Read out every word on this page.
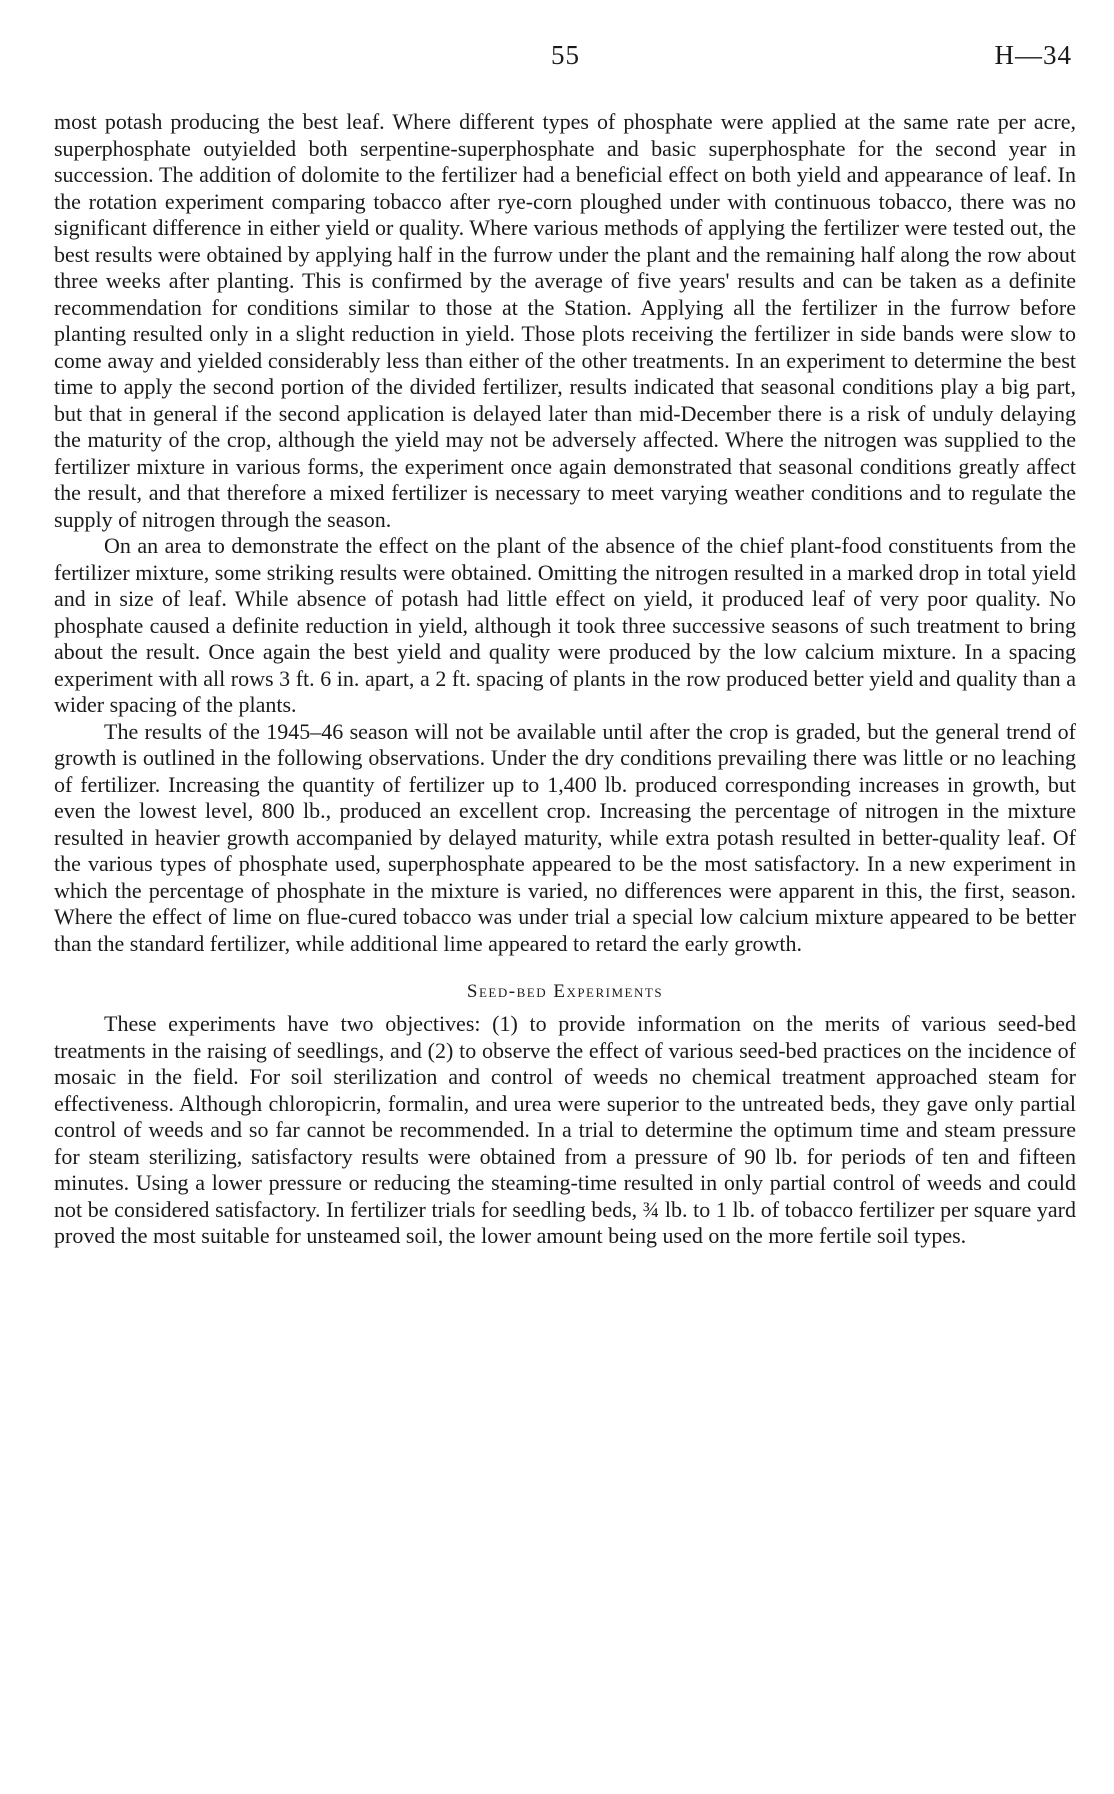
55	H—34

most potash producing the best leaf. Where different types of phosphate were applied at the same rate per acre, superphosphate outyielded both serpentine-superphosphate and basic superphosphate for the second year in succession. The addition of dolomite to the fertilizer had a beneficial effect on both yield and appearance of leaf. In the rotation experiment comparing tobacco after rye-corn ploughed under with continuous tobacco, there was no significant difference in either yield or quality. Where various methods of applying the fertilizer were tested out, the best results were obtained by applying half in the furrow under the plant and the remaining half along the row about three weeks after planting. This is confirmed by the average of five years' results and can be taken as a definite recommendation for conditions similar to those at the Station. Applying all the fertilizer in the furrow before planting resulted only in a slight reduction in yield. Those plots receiving the fertilizer in side bands were slow to come away and yielded considerably less than either of the other treatments. In an experiment to determine the best time to apply the second portion of the divided fertilizer, results indicated that seasonal conditions play a big part, but that in general if the second application is delayed later than mid-December there is a risk of unduly delaying the maturity of the crop, although the yield may not be adversely affected. Where the nitrogen was supplied to the fertilizer mixture in various forms, the experiment once again demonstrated that seasonal conditions greatly affect the result, and that therefore a mixed fertilizer is necessary to meet varying weather conditions and to regulate the supply of nitrogen through the season.

On an area to demonstrate the effect on the plant of the absence of the chief plant-food constituents from the fertilizer mixture, some striking results were obtained. Omitting the nitrogen resulted in a marked drop in total yield and in size of leaf. While absence of potash had little effect on yield, it produced leaf of very poor quality. No phosphate caused a definite reduction in yield, although it took three successive seasons of such treatment to bring about the result. Once again the best yield and quality were produced by the low calcium mixture. In a spacing experiment with all rows 3 ft. 6 in. apart, a 2 ft. spacing of plants in the row produced better yield and quality than a wider spacing of the plants.

The results of the 1945–46 season will not be available until after the crop is graded, but the general trend of growth is outlined in the following observations. Under the dry conditions prevailing there was little or no leaching of fertilizer. Increasing the quantity of fertilizer up to 1,400 lb. produced corresponding increases in growth, but even the lowest level, 800 lb., produced an excellent crop. Increasing the percentage of nitrogen in the mixture resulted in heavier growth accompanied by delayed maturity, while extra potash resulted in better-quality leaf. Of the various types of phosphate used, superphosphate appeared to be the most satisfactory. In a new experiment in which the percentage of phosphate in the mixture is varied, no differences were apparent in this, the first, season. Where the effect of lime on flue-cured tobacco was under trial a special low calcium mixture appeared to be better than the standard fertilizer, while additional lime appeared to retard the early growth.

Seed-bed Experiments

These experiments have two objectives: (1) to provide information on the merits of various seed-bed treatments in the raising of seedlings, and (2) to observe the effect of various seed-bed practices on the incidence of mosaic in the field. For soil sterilization and control of weeds no chemical treatment approached steam for effectiveness. Although chloropicrin, formalin, and urea were superior to the untreated beds, they gave only partial control of weeds and so far cannot be recommended. In a trial to determine the optimum time and steam pressure for steam sterilizing, satisfactory results were obtained from a pressure of 90 lb. for periods of ten and fifteen minutes. Using a lower pressure or reducing the steaming-time resulted in only partial control of weeds and could not be considered satisfactory. In fertilizer trials for seedling beds, ¾ lb. to 1 lb. of tobacco fertilizer per square yard proved the most suitable for unsteamed soil, the lower amount being used on the more fertile soil types.
